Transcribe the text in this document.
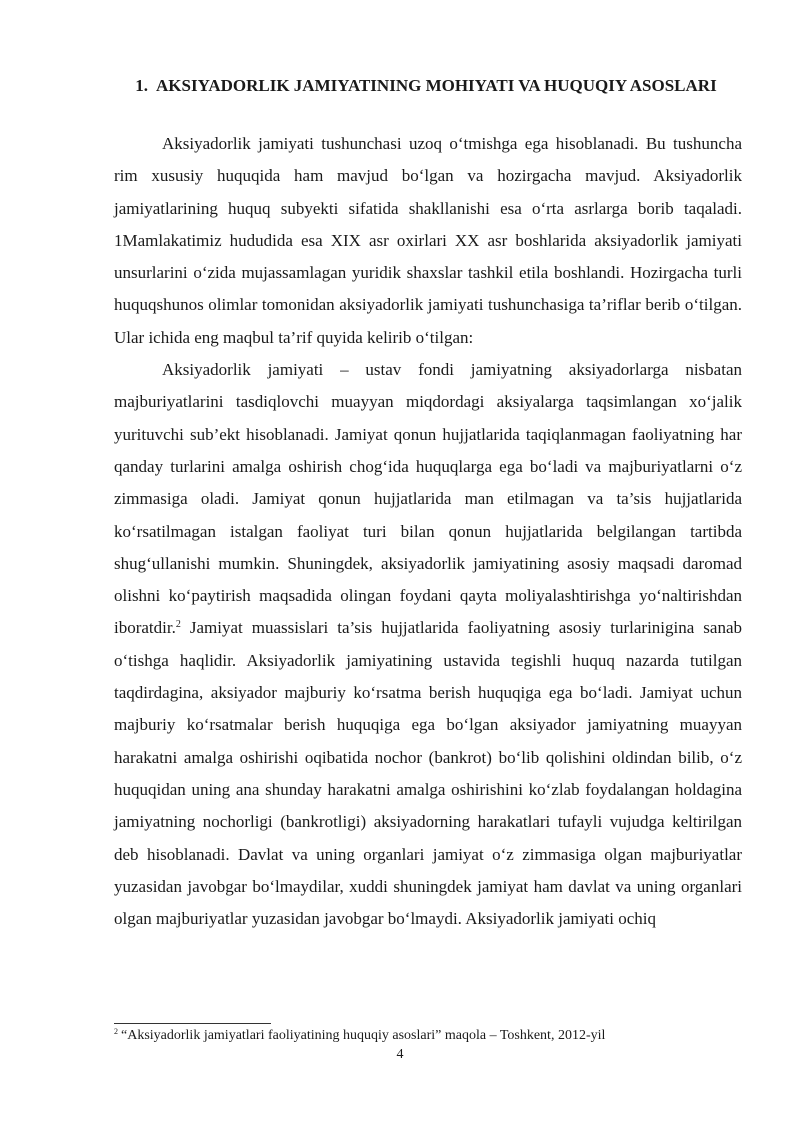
1. AKSIYADORLIK JAMIYATINING MOHIYATI VA HUQUQIY ASOSLARI

Aksiyadorlik jamiyati tushunchasi uzoq o‘tmishga ega hisoblanadi. Bu tushuncha rim xususiy huquqida ham mavjud bo‘lgan va hozirgacha mavjud. Aksiyadorlik jamiyatlarining huquq subyekti sifatida shakllanishi esa o‘rta asrlarga borib taqaladi. 1Mamlakatimiz hududida esa XIX asr oxirlari XX asr boshlarida aksiyadorlik jamiyati unsurlarini o‘zida mujassamlagan yuridik shaxslar tashkil etila boshlandi. Hozirgacha turli huquqshunos olimlar tomonidan aksiyadorlik jamiyati tushunchasiga ta’riflar berib o‘tilgan. Ular ichida eng maqbul ta’rif quyida kelirib o‘tilgan:

Aksiyadorlik jamiyati – ustav fondi jamiyatning aksiyadorlarga nisbatan majburiyatlarini tasdiqlovchi muayyan miqdordagi aksiyalarga taqsimlangan xo‘jalik yurituvchi sub’ekt hisoblanadi. Jamiyat qonun hujjatlarida taqiqlanmagan faoliyatning har qanday turlarini amalga oshirish chog‘ida huquqlarga ega bo‘ladi va majburiyatlarni o‘z zimmasiga oladi. Jamiyat qonun hujjatlarida man etilmagan va ta’sis hujjatlarida ko‘rsatilmagan istalgan faoliyat turi bilan qonun hujjatlarida belgilangan tartibda shug‘ullanishi mumkin. Shuningdek, aksiyadorlik jamiyatining asosiy maqsadi daromad olishni ko‘paytirish maqsadida olingan foydani qayta moliyalashtirishga yo‘naltirishdan iboratdir.$^2$ Jamiyat muassislari ta’sis hujjatlarida faoliyatning asosiy turlarinigina sanab o‘tishga haqlidir. Aksiyadorlik jamiyatining ustavida tegishli huquq nazarda tutilgan taqdirdagina, aksiyador majburiy ko‘rsatma berish huquqiga ega bo‘ladi. Jamiyat uchun majburiy ko‘rsatmalar berish huquqiga ega bo‘lgan aksiyador jamiyatning muayyan harakatni amalga oshirishi oqibatida nochor (bankrot) bo‘lib qolishini oldindan bilib, o‘z huquqidan uning ana shunday harakatni amalga oshirishini ko‘zlab foydalangan holdagina jamiyatning nochorligi (bankrotligi) aksiyadorning harakatlari tufayli vujudga keltirilgan deb hisoblanadi. Davlat va uning organlari jamiyat o‘z zimmasiga olgan majburiyatlar yuzasidan javobgar bo‘lmaydilar, xuddi shuningdek jamiyat ham davlat va uning organlari olgan majburiyatlar yuzasidan javobgar bo‘lmaydi. Aksiyadorlik jamiyati ochiq

$^2$ “Aksiyadorlik jamiyatlari faoliyatining huquqiy asoslari” maqola – Toshkent, 2012-yil
4
